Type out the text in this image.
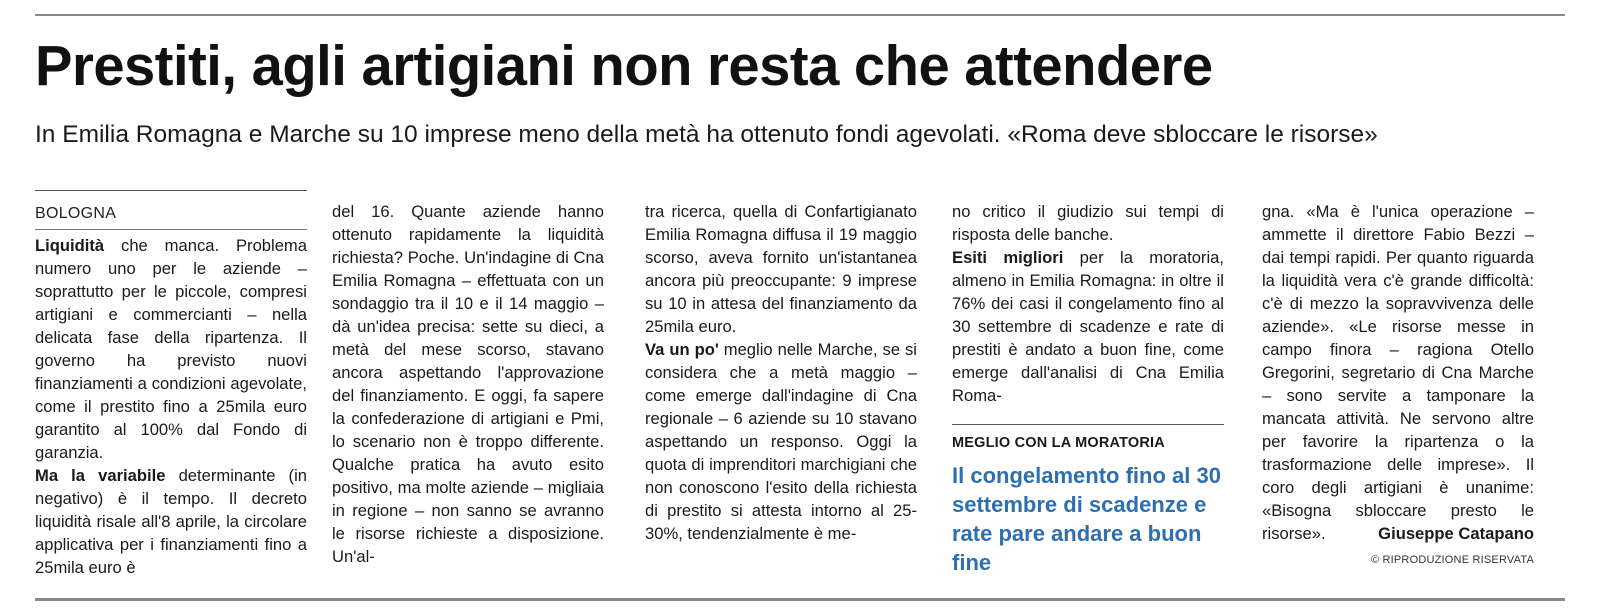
Prestiti, agli artigiani non resta che attendere

In Emilia Romagna e Marche su 10 imprese meno della metà ha ottenuto fondi agevolati. «Roma deve sbloccare le risorse»

BOLOGNA

Liquidità che manca. Problema numero uno per le aziende – soprattutto per le piccole, compresi artigiani e commercianti – nella delicata fase della ripartenza. Il governo ha previsto nuovi finanziamenti a condizioni agevolate, come il prestito fino a 25mila euro garantito al 100% dal Fondo di garanzia.

Ma la variabile determinante (in negativo) è il tempo. Il decreto liquidità risale all'8 aprile, la circolare applicativa per i finanziamenti fino a 25mila euro è

del 16. Quante aziende hanno ottenuto rapidamente la liquidità richiesta? Poche. Un'indagine di Cna Emilia Romagna – effettuata con un sondaggio tra il 10 e il 14 maggio – dà un'idea precisa: sette su dieci, a metà del mese scorso, stavano ancora aspettando l'approvazione del finanziamento. E oggi, fa sapere la confederazione di artigiani e Pmi, lo scenario non è troppo differente. Qualche pratica ha avuto esito positivo, ma molte aziende – migliaia in regione – non sanno se avranno le risorse richieste a disposizione. Un'al-

tra ricerca, quella di Confartigianato Emilia Romagna diffusa il 19 maggio scorso, aveva fornito un'istantanea ancora più preoccupante: 9 imprese su 10 in attesa del finanziamento da 25mila euro.

Va un po' meglio nelle Marche, se si considera che a metà maggio – come emerge dall'indagine di Cna regionale – 6 aziende su 10 stavano aspettando un responso. Oggi la quota di imprenditori marchigiani che non conoscono l'esito della richiesta di prestito si attesta intorno al 25-30%, tendenzialmente è me-

no critico il giudizio sui tempi di risposta delle banche.

Esiti migliori per la moratoria, almeno in Emilia Romagna: in oltre il 76% dei casi il congelamento fino al 30 settembre di scadenze e rate di prestiti è andato a buon fine, come emerge dall'analisi di Cna Emilia Roma-

MEGLIO CON LA MORATORIA
Il congelamento fino al 30 settembre di scadenze e rate pare andare a buon fine

gna. «Ma è l'unica operazione – ammette il direttore Fabio Bezzi – dai tempi rapidi. Per quanto riguarda la liquidità vera c'è grande difficoltà: c'è di mezzo la sopravvivenza delle aziende». «Le risorse messe in campo finora – ragiona Otello Gregorini, segretario di Cna Marche – sono servite a tamponare la mancata attività. Ne servono altre per favorire la ripartenza o la trasformazione delle imprese». Il coro degli artigiani è unanime: «Bisogna sbloccare presto le risorse».	Giuseppe Catapano
© RIPRODUZIONE RISERVATA
